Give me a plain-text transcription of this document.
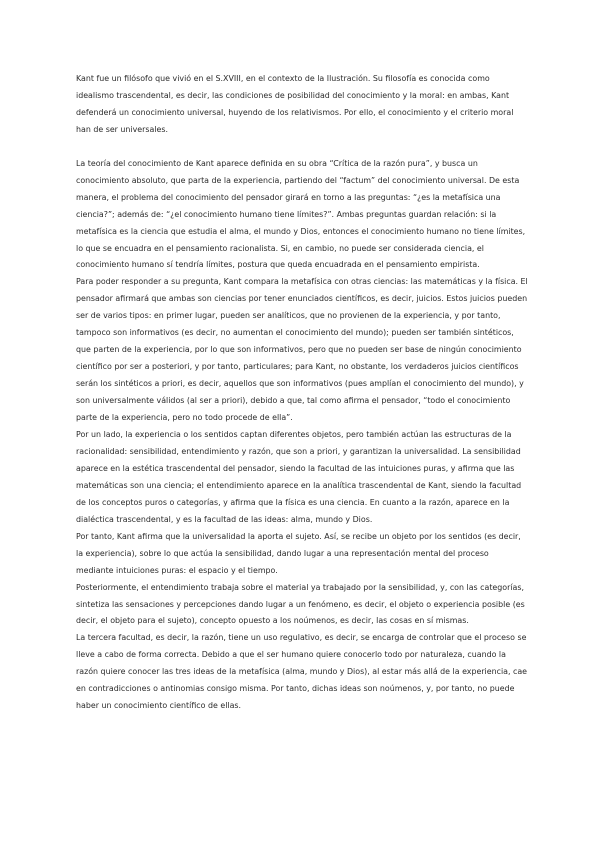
Kant fue un filósofo que vivió en el S.XVIII, en el contexto de la Ilustración. Su filosofía es conocida como idealismo trascendental, es decir, las condiciones de posibilidad del conocimiento y la moral: en ambas, Kant defenderá un conocimiento universal, huyendo de los relativismos. Por ello, el conocimiento y el criterio moral han de ser universales.

La teoría del conocimiento de Kant aparece definida en su obra “Crítica de la razón pura”, y busca un conocimiento absoluto, que parta de la experiencia, partiendo del “factum” del conocimiento universal. De esta manera, el problema del conocimiento del pensador girará en torno a las preguntas: “¿es la metafísica una ciencia?”; además de: “¿el conocimiento humano tiene límites?”. Ambas preguntas guardan relación: si la metafísica es la ciencia que estudia el alma, el mundo y Dios, entonces el conocimiento humano no tiene límites, lo que se encuadra en el pensamiento racionalista. Si, en cambio, no puede ser considerada ciencia, el conocimiento humano sí tendría límites, postura que queda encuadrada en el pensamiento empirista.

Para poder responder a su pregunta, Kant compara la metafísica con otras ciencias: las matemáticas y la física. El pensador afirmará que ambas son ciencias por tener enunciados científicos, es decir, juicios. Estos juicios pueden ser de varios tipos: en primer lugar, pueden ser analíticos, que no provienen de la experiencia, y por tanto, tampoco son informativos (es decir, no aumentan el conocimiento del mundo); pueden ser también sintéticos, que parten de la experiencia, por lo que son informativos, pero que no pueden ser base de ningún conocimiento científico por ser a posteriori, y por tanto, particulares; para Kant, no obstante, los verdaderos juicios científicos serán los sintéticos a priori, es decir, aquellos que son informativos (pues amplían el conocimiento del mundo), y son universalmente válidos (al ser a priori), debido a que, tal como afirma el pensador, “todo el conocimiento parte de la experiencia, pero no todo procede de ella”.

Por un lado, la experiencia o los sentidos captan diferentes objetos, pero también actúan las estructuras de la racionalidad: sensibilidad, entendimiento y razón, que son a priori, y garantizan la universalidad. La sensibilidad aparece en la estética trascendental del pensador, siendo la facultad de las intuiciones puras, y afirma que las matemáticas son una ciencia; el entendimiento aparece en la analítica trascendental de Kant, siendo la facultad de los conceptos puros o categorías, y afirma que la física es una ciencia. En cuanto a la razón, aparece en la dialéctica trascendental, y es la facultad de las ideas: alma, mundo y Dios.

Por tanto, Kant afirma que la universalidad la aporta el sujeto. Así, se recibe un objeto por los sentidos (es decir, la experiencia), sobre lo que actúa la sensibilidad, dando lugar a una representación mental del proceso mediante intuiciones puras: el espacio y el tiempo.

Posteriormente, el entendimiento trabaja sobre el material ya trabajado por la sensibilidad, y, con las categorías, sintetiza las sensaciones y percepciones dando lugar a un fenómeno, es decir, el objeto o experiencia posible (es decir, el objeto para el sujeto), concepto opuesto a los noúmenos, es decir, las cosas en sí mismas.

La tercera facultad, es decir, la razón, tiene un uso regulativo, es decir, se encarga de controlar que el proceso se lleve a cabo de forma correcta. Debido a que el ser humano quiere conocerlo todo por naturaleza, cuando la razón quiere conocer las tres ideas de la metafísica (alma, mundo y Dios), al estar más allá de la experiencia, cae en contradicciones o antinomias consigo misma. Por tanto, dichas ideas son noúmenos, y, por tanto, no puede haber un conocimiento científico de ellas.
